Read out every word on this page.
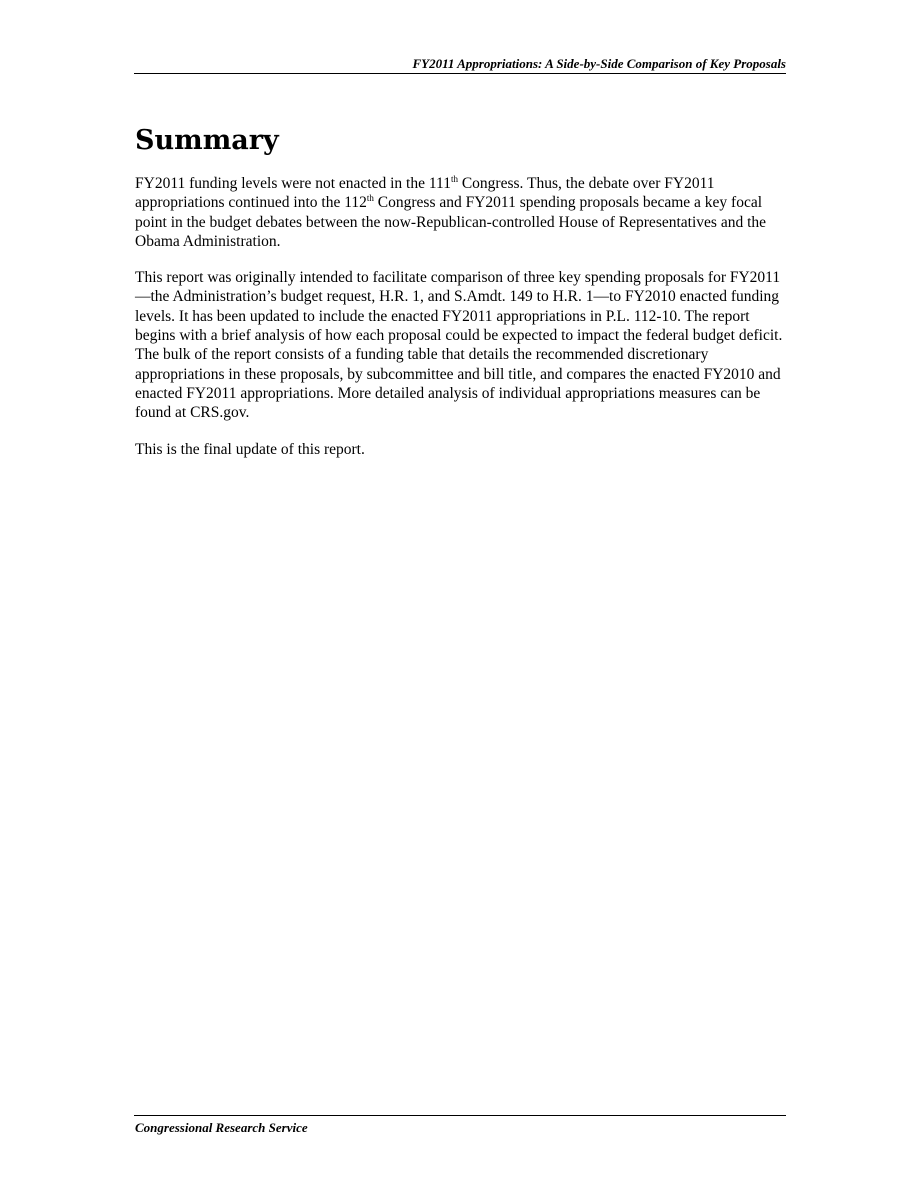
FY2011 Appropriations: A Side-by-Side Comparison of Key Proposals
Summary

FY2011 funding levels were not enacted in the 111th Congress. Thus, the debate over FY2011 appropriations continued into the 112th Congress and FY2011 spending proposals became a key focal point in the budget debates between the now-Republican-controlled House of Representatives and the Obama Administration.

This report was originally intended to facilitate comparison of three key spending proposals for FY2011—the Administration’s budget request, H.R. 1, and S.Amdt. 149 to H.R. 1—to FY2010 enacted funding levels. It has been updated to include the enacted FY2011 appropriations in P.L. 112-10. The report begins with a brief analysis of how each proposal could be expected to impact the federal budget deficit. The bulk of the report consists of a funding table that details the recommended discretionary appropriations in these proposals, by subcommittee and bill title, and compares the enacted FY2010 and enacted FY2011 appropriations. More detailed analysis of individual appropriations measures can be found at CRS.gov.

This is the final update of this report.

Congressional Research Service
